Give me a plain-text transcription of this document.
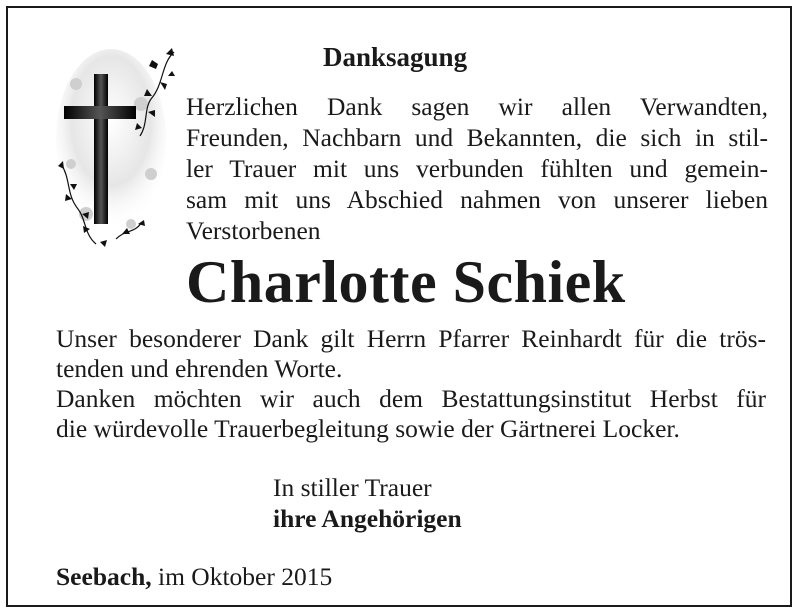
Danksagung
Herzlichen Dank sagen wir allen Verwandten,
Freunden, Nachbarn und Bekannten, die sich in stil-
ler Trauer mit uns verbunden fühlten und gemein-
sam mit uns Abschied nahmen von unserer lieben
Verstorbenen
Charlotte Schiek
Unser besonderer Dank gilt Herrn Pfarrer Reinhardt für die trös-
tenden und ehrenden Worte.
Danken möchten wir auch dem Bestattungsinstitut Herbst für
die würdevolle Trauerbegleitung sowie der Gärtnerei Locker.
In stiller Trauer
ihre Angehörigen
Seebach, im Oktober 2015
